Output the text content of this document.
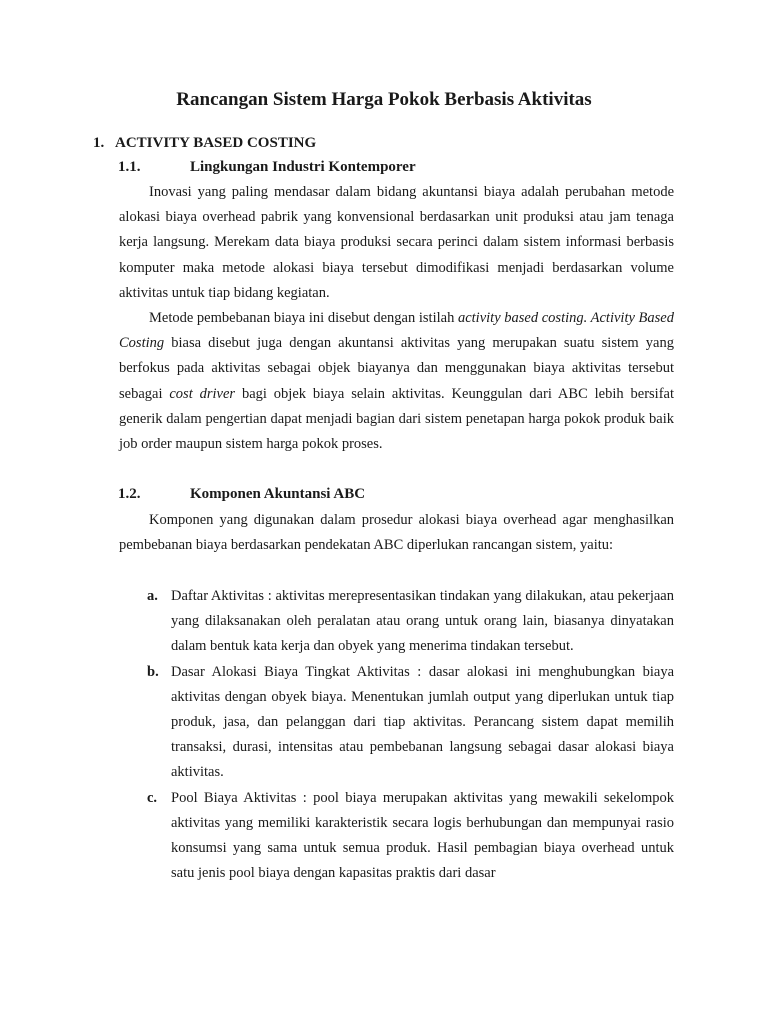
Rancangan Sistem Harga Pokok Berbasis Aktivitas
1. ACTIVITY BASED COSTING
1.1.	Lingkungan Industri Kontemporer

Inovasi yang paling mendasar dalam bidang akuntansi biaya adalah perubahan metode alokasi biaya overhead pabrik yang konvensional berdasarkan unit produksi atau jam tenaga kerja langsung. Merekam data biaya produksi secara perinci dalam sistem informasi berbasis komputer maka metode alokasi biaya tersebut dimodifikasi menjadi berdasarkan volume aktivitas untuk tiap bidang kegiatan.

Metode pembebanan biaya ini disebut dengan istilah activity based costing. Activity Based Costing biasa disebut juga dengan akuntansi aktivitas yang merupakan suatu sistem yang berfokus pada aktivitas sebagai objek biayanya dan menggunakan biaya aktivitas tersebut sebagai cost driver bagi objek biaya selain aktivitas. Keunggulan dari ABC lebih bersifat generik dalam pengertian dapat menjadi bagian dari sistem penetapan harga pokok produk baik job order maupun sistem harga pokok proses.

1.2.	Komponen Akuntansi ABC

Komponen yang digunakan dalam prosedur alokasi biaya overhead agar menghasilkan pembebanan biaya berdasarkan pendekatan ABC diperlukan rancangan sistem, yaitu:

a. Daftar Aktivitas : aktivitas merepresentasikan tindakan yang dilakukan, atau pekerjaan yang dilaksanakan oleh peralatan atau orang untuk orang lain, biasanya dinyatakan dalam bentuk kata kerja dan obyek yang menerima tindakan tersebut.
b. Dasar Alokasi Biaya Tingkat Aktivitas : dasar alokasi ini menghubungkan biaya aktivitas dengan obyek biaya. Menentukan jumlah output yang diperlukan untuk tiap produk, jasa, dan pelanggan dari tiap aktivitas. Perancang sistem dapat memilih transaksi, durasi, intensitas atau pembebanan langsung sebagai dasar alokasi biaya aktivitas.
c. Pool Biaya Aktivitas : pool biaya merupakan aktivitas yang mewakili sekelompok aktivitas yang memiliki karakteristik secara logis berhubungan dan mempunyai rasio konsumsi yang sama untuk semua produk. Hasil pembagian biaya overhead untuk satu jenis pool biaya dengan kapasitas praktis dari dasar
